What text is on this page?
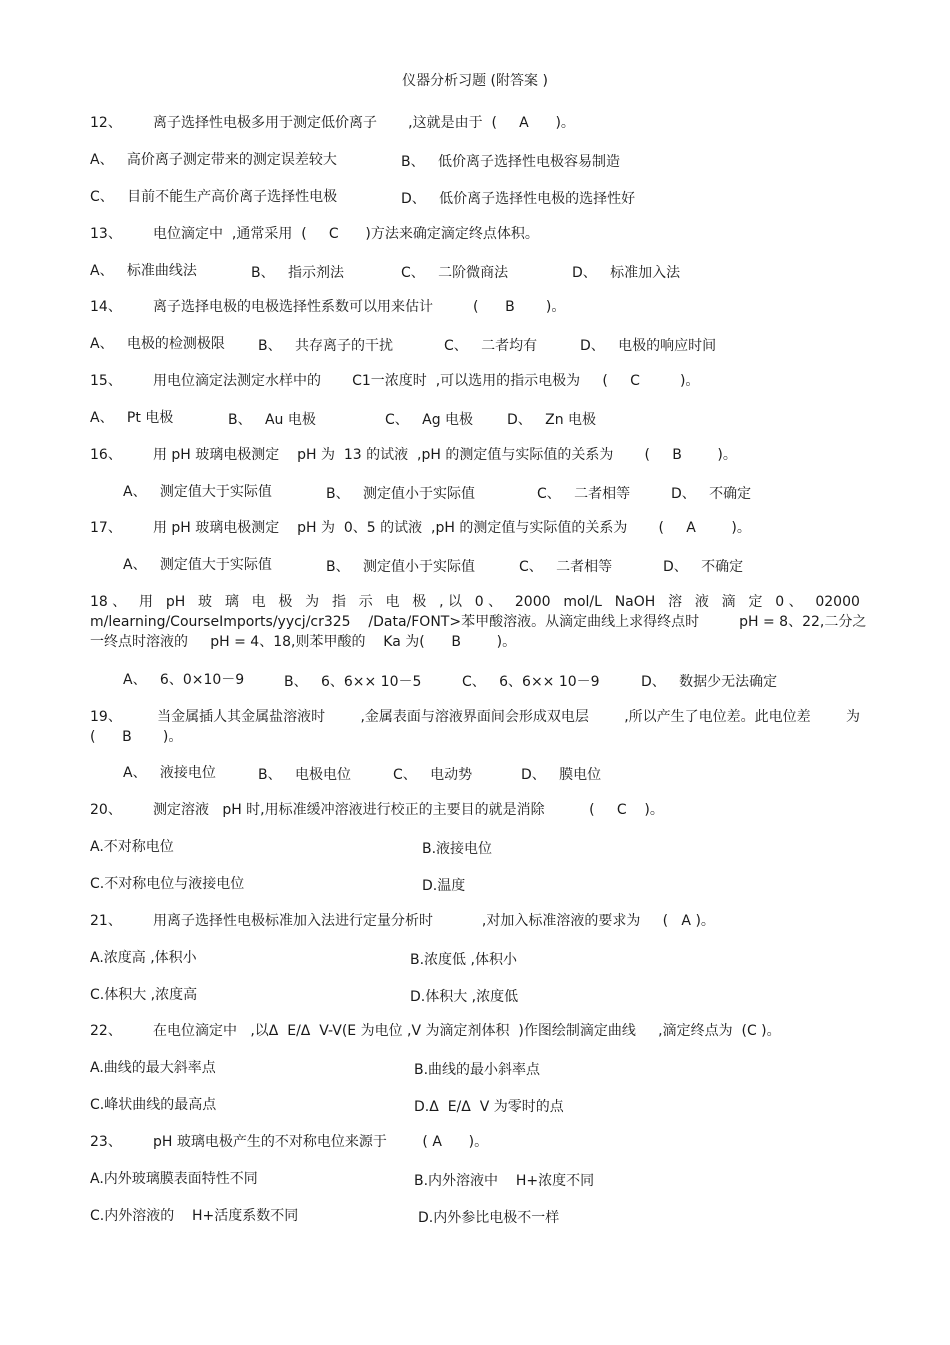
仪器分析习题 (附答案 )
12、       离子选择性电极多用于测定低价离子       ,这就是由于  (     A      )。
A、   高价离子测定带来的测定误差较大	B、   低价离子选择性电极容易制造
C、   目前不能生产高价离子选择性电极	D、   低价离子选择性电极的选择性好
13、       电位滴定中  ,通常采用  (     C      )方法来确定滴定终点体积。
A、   标准曲线法	B、   指示剂法	C、   二阶微商法	D、   标准加入法
14、       离子选择电极的电极选择性系数可以用来估计         (      B       )。
A、   电极的检测极限 B、   共存离子的干扰	C、   二者均有	D、   电极的响应时间
15、       用电位滴定法测定水样中的       C1一浓度时  ,可以选用的指示电极为     (     C         )。
A、   Pt 电极	B、   Au 电极	C、   Ag 电极 D、   Zn 电极
16、       用 pH 玻璃电极测定    pH 为  13 的试液  ,pH 的测定值与实际值的关系为       (     B        )。
A、   测定值大于实际值	B、   测定值小于实际值	C、   二者相等	D、   不确定
17、       用 pH 玻璃电极测定    pH 为  0、5 的试液  ,pH 的测定值与实际值的关系为       (     A        )。
A、   测定值大于实际值	B、   测定值小于实际值	C、   二者相等	D、   不确定
18 、 用 pH 玻 璃 电 极 为 指 示 电 极 , 以 0 、 2000 mol/L NaOH 溶 液 滴 定 0 、 02000
m/learning/CourseImports/yycj/cr325    /Data/FONT>苯甲酸溶液。从滴定曲线上求得终点时         pH = 8、22,二分之
一终点时溶液的     pH = 4、18,则苯甲酸的    Ka 为(      B        )。
A、   6、0×10－9	B、   6、6×× 10－5	C、   6、6×× 10－9	D、   数据少无法确定
19、	当金属插人其金属盐溶液时	,金属表面与溶液界面间会形成双电层	,所以产生了电位差。此电位差	为
(      B       )。
A、   液接电位	B、   电极电位	C、   电动势	D、   膜电位
20、       测定溶液   pH 时,用标准缓冲溶液进行校正的主要目的就是消除          (     C    )。
A.不对称电位	B.液接电位
C.不对称电位与液接电位	D.温度
21、       用离子选择性电极标准加入法进行定量分析时           ,对加入标准溶液的要求为     (   A )。
A.浓度高 ,体积小	B.浓度低 ,体积小
C.体积大 ,浓度高	D.体积大 ,浓度低
22、       在电位滴定中   ,以Δ  E/Δ  V-V(E 为电位 ,V 为滴定剂体积  )作图绘制滴定曲线     ,滴定终点为  (C )。
A.曲线的最大斜率点	B.曲线的最小斜率点
C.峰状曲线的最高点	D.Δ  E/Δ  V 为零时的点
23、       pH 玻璃电极产生的不对称电位来源于        ( A      )。
A.内外玻璃膜表面特性不同	B.内外溶液中    H+浓度不同
C.内外溶液的    H+活度系数不同	D.内外参比电极不一样
